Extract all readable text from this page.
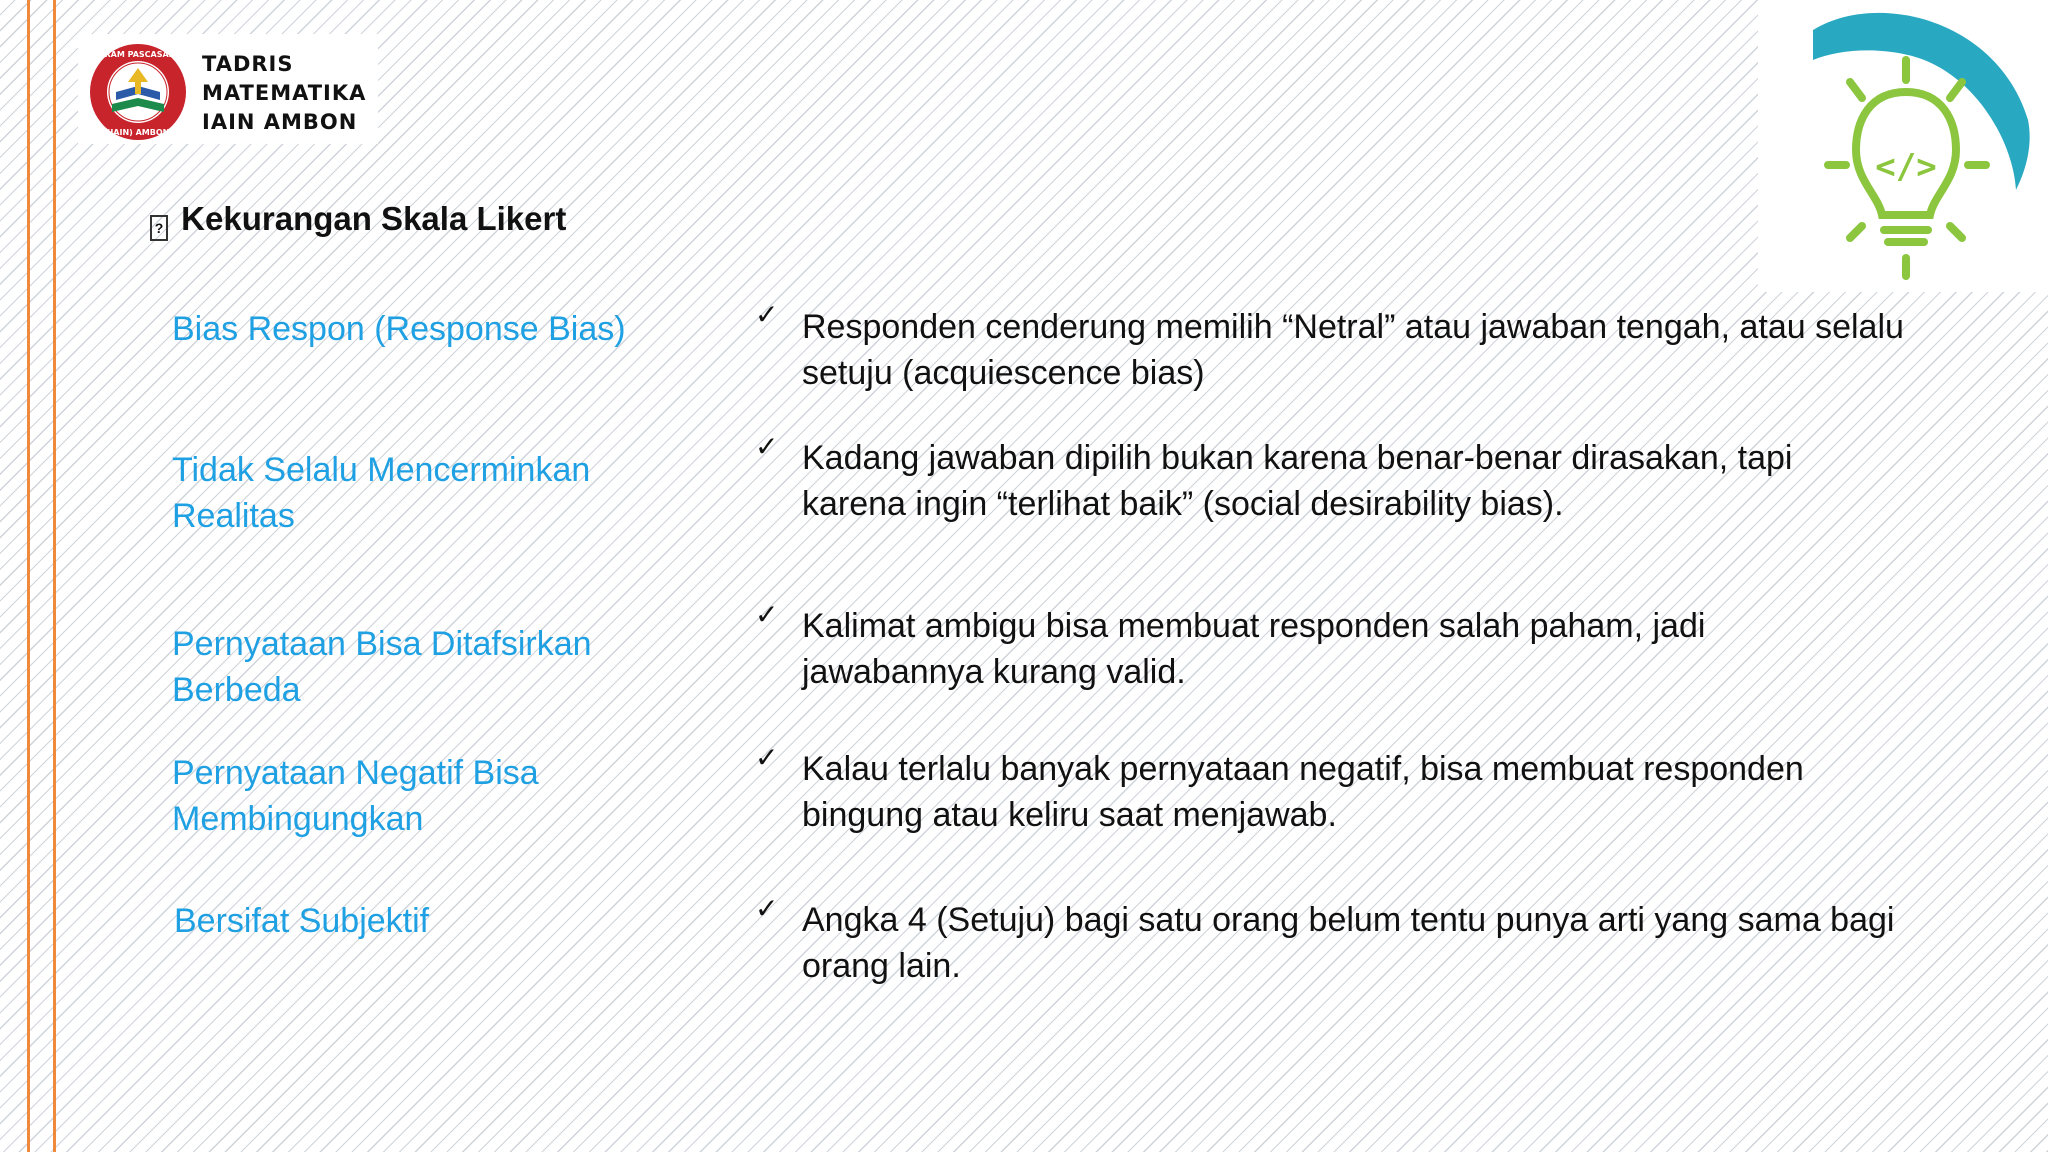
PROGRAM PASCASARJANA
(IAIN) AMBON
TADRIS
MATEMATIKA
IAIN AMBON
</>
? Kekurangan Skala Likert
Bias Respon (Response Bias)	✓ Responden cenderung memilih “Netral” atau jawaban tengah, atau selalu setuju (acquiescence bias)
Tidak Selalu Mencerminkan Realitas
✓ Kadang jawaban dipilih bukan karena benar-benar dirasakan, tapi karena ingin “terlihat baik” (social desirability bias).
Pernyataan Bisa Ditafsirkan Berbeda
✓ Kalimat ambigu bisa membuat responden salah paham, jadi jawabannya kurang valid.
Pernyataan Negatif Bisa Membingungkan
✓ Kalau terlalu banyak pernyataan negatif, bisa membuat responden bingung atau keliru saat menjawab.
Bersifat Subjektif	✓ Angka 4 (Setuju) bagi satu orang belum tentu punya arti yang sama bagi orang lain.
